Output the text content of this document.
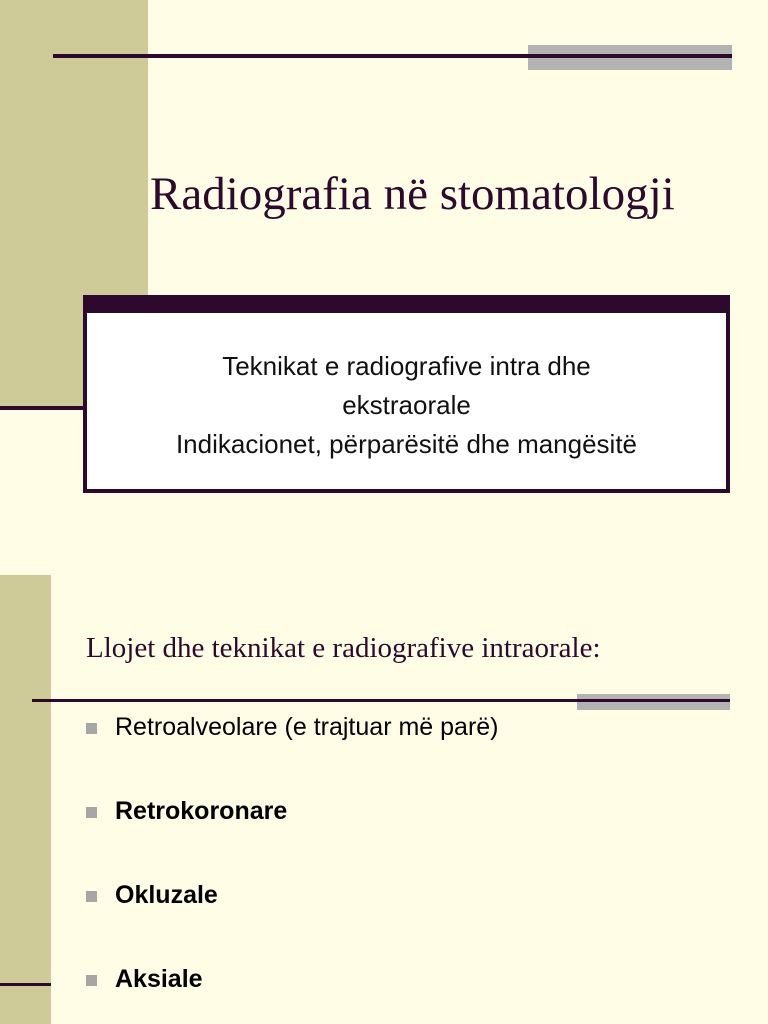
Radiografia në stomatologji
Teknikat e radiografive intra dhe
ekstraorale
Indikacionet, përparësitë dhe mangësitë
Llojet dhe teknikat e radiografive intraorale:
Retroalveolare (e trajtuar më parë)
Retrokoronare
Okluzale
Aksiale
